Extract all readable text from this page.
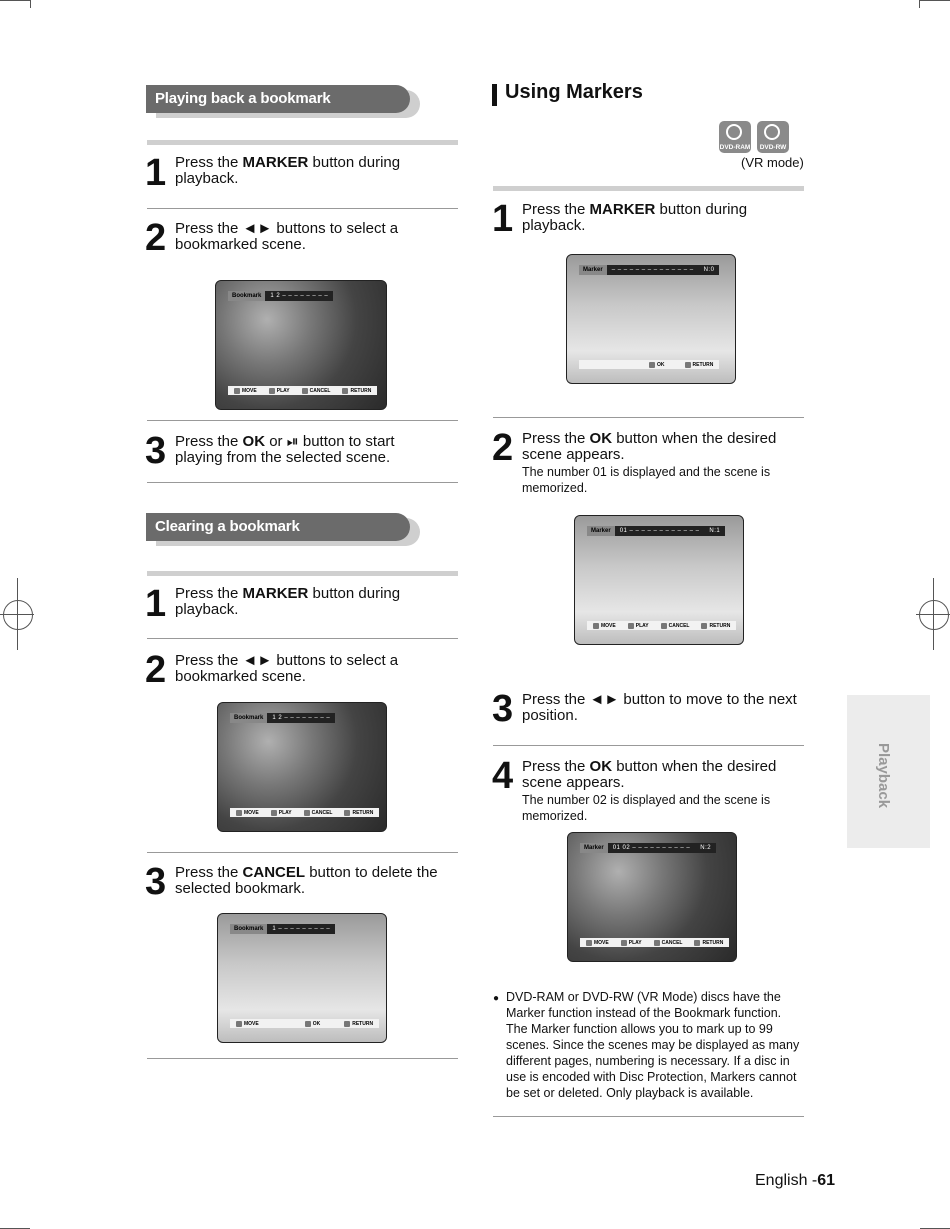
Playing back a bookmark
1 Press the MARKER button during playback.
2 Press the ◄► buttons to select a bookmarked scene.
Bookmark	1 2 – – – – – – – –
MOVE	PLAY	CANCEL	RETURN
3 Press the OK or ⏯ button to start playing from the selected scene.
Clearing a bookmark
1 Press the MARKER button during playback.
2 Press the ◄► buttons to select a bookmarked scene.
Bookmark	1 2 – – – – – – – –
MOVE	PLAY	CANCEL	RETURN
3 Press the CANCEL button to delete the selected bookmark.
Bookmark	1 – – – – – – – – –
MOVE	OK	RETURN
Using Markers
DVD-RAM	DVD-RW
(VR mode)
1 Press the MARKER button during playback.
Marker	– – – – – – – – – – – – – –	N:0
OK	RETURN
2 Press the OK button when the desired scene appears.
The number 01 is displayed and the scene is memorized.
Marker	01 – – – – – – – – – – – –	N:1
MOVE	PLAY	CANCEL	RETURN
3 Press the ◄► button to move to the next position.
4 Press the OK button when the desired scene appears.
The number 02 is displayed and the scene is memorized.
Marker	01 02 – – – – – – – – – –	N:2
MOVE	PLAY	CANCEL	RETURN
● DVD-RAM or DVD-RW (VR Mode) discs have the Marker function instead of the Bookmark function. The Marker function allows you to mark up to 99 scenes. Since the scenes may be displayed as many different pages, numbering is necessary. If a disc in use is encoded with Disc Protection, Markers cannot be set or deleted. Only playback is available.
Playback
English -61
